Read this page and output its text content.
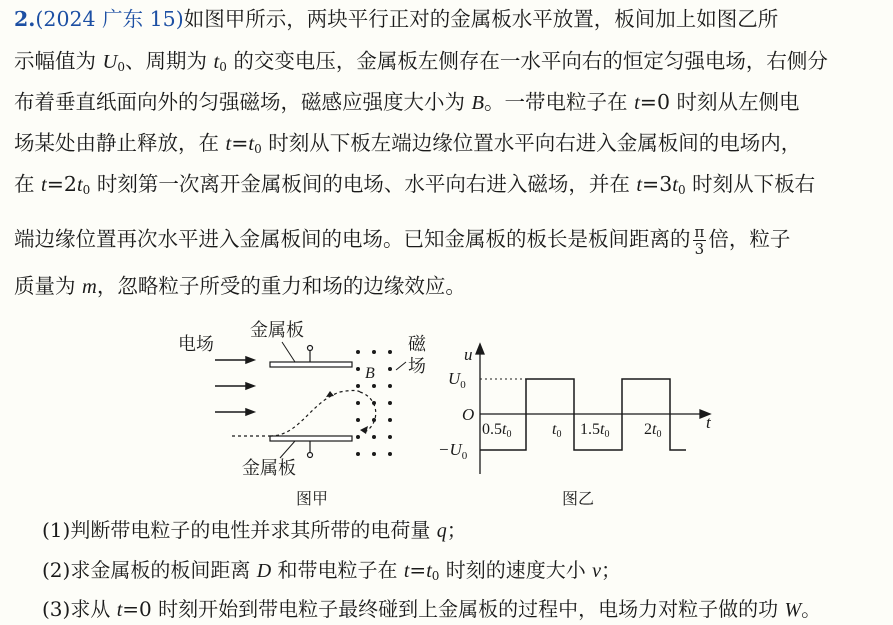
2.(2024 广东 15)如图甲所示，两块平行正对的金属板水平放置，板间加上如图乙所
示幅值为 $U_0$、周期为 $t_0$ 的交变电压，金属板左侧存在一水平向右的恒定匀强电场，右侧分
布着垂直纸面向外的匀强磁场，磁感应强度大小为 B。一带电粒子在 t=0 时刻从左侧电
场某处由静止释放，在 $t=t_0$ 时刻从下板左端边缘位置水平向右进入金属板间的电场内，
在 $t=2t_0$ 时刻第一次离开金属板间的电场、水平向右进入磁场，并在 $t=3t_0$ 时刻从下板右
端边缘位置再次水平进入金属板间的电场。已知金属板的板长是板间距离的 $\frac{\pi}{3}$ 倍，粒子
质量为 m，忽略粒子所受的重力和场的边缘效应。
电场
金属板
金属板
磁
场
B
图甲
u
t
O
$U_0$
$-U_0$
0.5t0	t0 1.5t0 2t0
图乙
(1)判断带电粒子的电性并求其所带的电荷量 q；
(2)求金属板的板间距离 D 和带电粒子在 $t=t_0$ 时刻的速度大小 v；
(3)求从 t=0 时刻开始到带电粒子最终碰到上金属板的过程中，电场力对粒子做的功 W。
